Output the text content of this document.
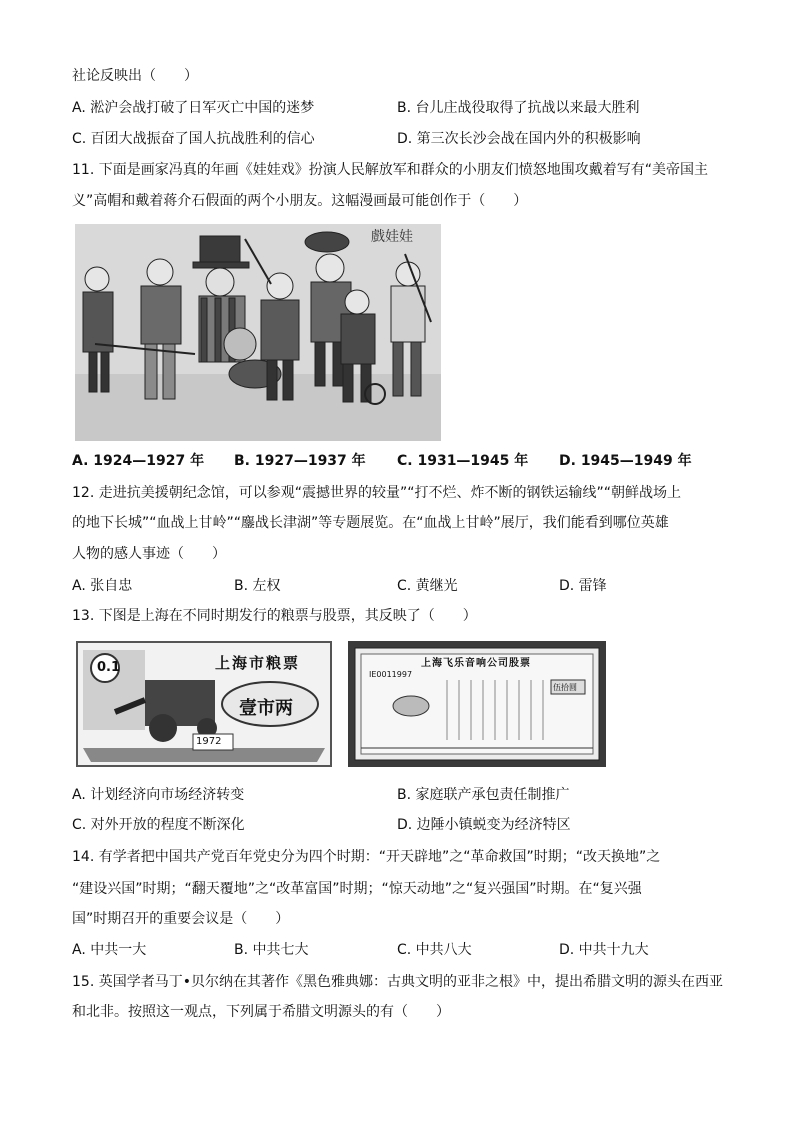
社论反映出（　　）
A. 淞沪会战打破了日军灭亡中国的迷梦	B. 台儿庄战役取得了抗战以来最大胜利
C. 百团大战振奋了国人抗战胜利的信心	D. 第三次长沙会战在国内外的积极影响
11. 下面是画家冯真的年画《娃娃戏》扮演人民解放军和群众的小朋友们愤怒地围攻戴着写有“美帝国主
义”高帽和戴着蒋介石假面的两个小朋友。这幅漫画最可能创作于（　　）
戲娃娃
A. 1924—1927 年 B. 1927—1937 年 C. 1931—1945 年 D. 1945—1949 年
12. 走进抗美援朝纪念馆，可以参观“震撼世界的较量”“打不烂、炸不断的钢铁运输线”“朝鲜战场上
的地下长城”“血战上甘岭”“鏖战长津湖”等专题展览。在“血战上甘岭”展厅，我们能看到哪位英雄
人物的感人事迹（　　）
A. 张自忠	B. 左权	C. 黄继光	D. 雷锋
13. 下图是上海在不同时期发行的粮票与股票，其反映了（　　）
0.1	上海市粮票
壹市两
1972
上海飞乐音响公司股票
IE0011997
伍拾圆
A. 计划经济向市场经济转变	B. 家庭联产承包责任制推广
C. 对外开放的程度不断深化	D. 边陲小镇蜕变为经济特区
14. 有学者把中国共产党百年党史分为四个时期：“开天辟地”之“革命救国”时期；“改天换地”之
“建设兴国”时期；“翻天覆地”之“改革富国”时期；“惊天动地”之“复兴强国”时期。在“复兴强
国”时期召开的重要会议是（　　）
A. 中共一大	B. 中共七大	C. 中共八大	D. 中共十九大
15. 英国学者马丁•贝尔纳在其著作《黑色雅典娜：古典文明的亚非之根》中，提出希腊文明的源头在西亚
和北非。按照这一观点，下列属于希腊文明源头的有（　　）
